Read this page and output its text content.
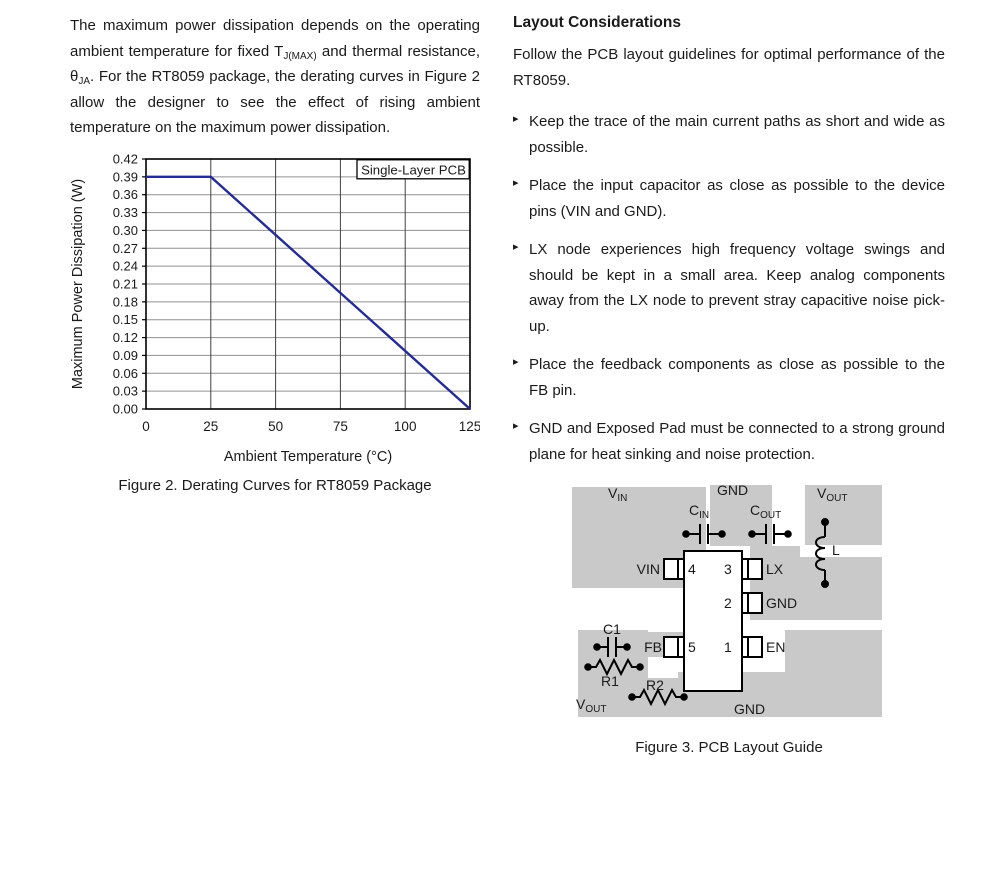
The maximum power dissipation depends on the operating ambient temperature for fixed $T_{J(MAX)}$ and thermal resistance, $\theta_{JA}$. For the RT8059 package, the derating curves in Figure 2 allow the designer to see the effect of rising ambient temperature on the maximum power dissipation.

0.00
0.03
0.06
0.09
0.12
0.15
0.18
0.21
0.24
0.27
0.30
0.33
0.36
0.39
0.42
0	25	50	75	100	125
Single-Layer PCB
Ambient Temperature (°C)
Maximum Power Dissipation (W)
Figure 2. Derating Curves for RT8059 Package
Layout Considerations

Follow the PCB layout guidelines for optimal performance of the RT8059.

▸ Keep the trace of the main current paths as short and wide as possible.
▸ Place the input capacitor as close as possible to the device pins (VIN and GND).
▸ LX node experiences high frequency voltage swings and should be kept in a small area. Keep analog components away from the LX node to prevent stray capacitive noise pick-up.
▸ Place the feedback components as close as possible to the FB pin.
▸ GND and Exposed Pad must be connected to a strong ground plane for heat sinking and noise protection.
$V_{IN}$
GND	$V_{OUT}$
$C_{IN}$	$C_{OUT}$
L
VIN 4 3 LX
2 GND
1 EN
5
FB
C1
R1 R2
$V_{OUT}$	GND
Figure 3. PCB Layout Guide
